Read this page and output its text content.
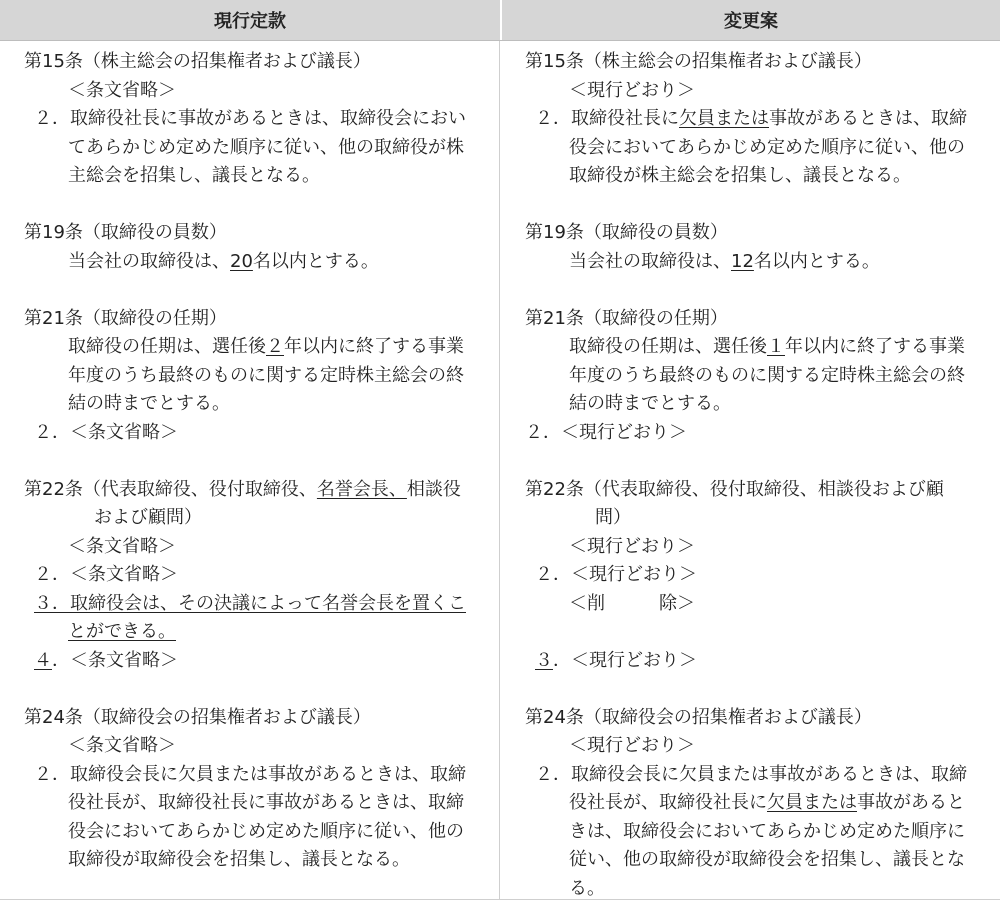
現行定款	変更案
第15条（株主総会の招集権者および議長）
＜条文省略＞
２．取締役社長に事故があるときは、取締役会におい
てあらかじめ定めた順序に従い、他の取締役が株
主総会を招集し、議長となる。
第19条（取締役の員数）
当会社の取締役は、20名以内とする。
第21条（取締役の任期）
取締役の任期は、選任後２年以内に終了する事業
年度のうち最終のものに関する定時株主総会の終
結の時までとする。
２．＜条文省略＞
第22条（代表取締役、役付取締役、名誉会長、相談役
および顧問）
＜条文省略＞
２．＜条文省略＞
３．取締役会は、その決議によって名誉会長を置くこ
とができる。
４．＜条文省略＞
第24条（取締役会の招集権者および議長）
＜条文省略＞
２．取締役会長に欠員または事故があるときは、取締
役社長が、取締役社長に事故があるときは、取締
役会においてあらかじめ定めた順序に従い、他の
取締役が取締役会を招集し、議長となる。
第15条（株主総会の招集権者および議長）
＜現行どおり＞
２．取締役社長に欠員または事故があるときは、取締
役会においてあらかじめ定めた順序に従い、他の
取締役が株主総会を招集し、議長となる。
第19条（取締役の員数）
当会社の取締役は、12名以内とする。
第21条（取締役の任期）
取締役の任期は、選任後１年以内に終了する事業
年度のうち最終のものに関する定時株主総会の終
結の時までとする。
２．＜現行どおり＞
第22条（代表取締役、役付取締役、相談役および顧
問）
＜現行どおり＞
２．＜現行どおり＞
＜削　　　除＞
３．＜現行どおり＞
第24条（取締役会の招集権者および議長）
＜現行どおり＞
２．取締役会長に欠員または事故があるときは、取締
役社長が、取締役社長に欠員または事故があると
きは、取締役会においてあらかじめ定めた順序に
従い、他の取締役が取締役会を招集し、議長とな
る。
